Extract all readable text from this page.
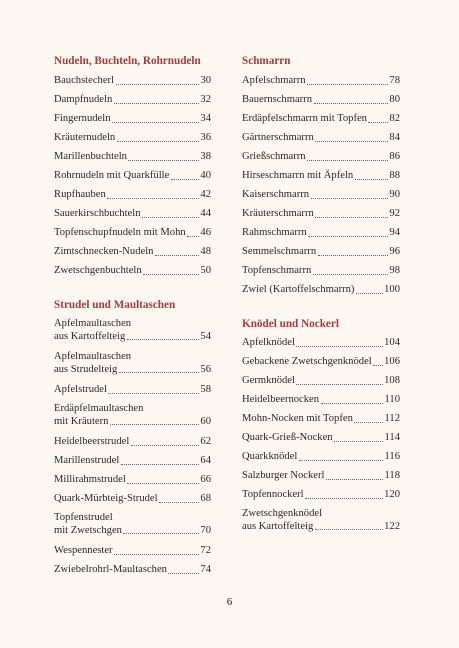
Nudeln, Buchteln, Rohrnudeln
Bauchstecherl	30
Dampfnudeln	32
Fingernudeln	34
Kräuternudeln	36
Marillenbuchteln	38
Rohrnudeln mit Quarkfülle	40
Rupfhauben	42
Sauerkirschbuchteln	44
Topfenschupfnudeln mit Mohn 46
Zimtschnecken-Nudeln	48
Zwetschgenbuchteln	50
Strudel und Maultaschen
Apfelmaultaschen
aus Kartoffelteig	54
Apfelmaultaschen
aus Strudelteig	56
Apfelstrudel	58
Erdäpfelmaultaschen
mit Kräutern	60
Heidelbeerstrudel	62
Marillenstrudel	64
Millirahmstrudel	66
Quark-Mürbteig-Strudel	68
Topfenstrudel
mit Zwetschgen	70
Wespennester	72
Zwiebelrohrl-Maultaschen	74
Schmarrn
Apfelschmarrn	78
Bauernschmarrn	80
Erdäpfelschmarrn mit Topfen 82
Gärtnerschmarrn	84
Grießschmarrn	86
Hirseschmarrn mit Äpfeln	88
Kaiserschmarrn	90
Kräuterschmarrn	92
Rahmschmarrn	94
Semmelschmarrn	96
Topfenschmarrn	98
Zwiel (Kartoffelschmarrn)	100
Knödel und Nockerl
Apfelknödel	104
Gebackene Zwetschgenknödel 106
Germknödel	108
Heidelbeernocken	110
Mohn-Nocken mit Topfen	112
Quark-Grieß-Nocken	114
Quarkknödel	116
Salzburger Nockerl	118
Topfennockerl	120
Zwetschgenknödel
aus Kartoffelteig	122
6
